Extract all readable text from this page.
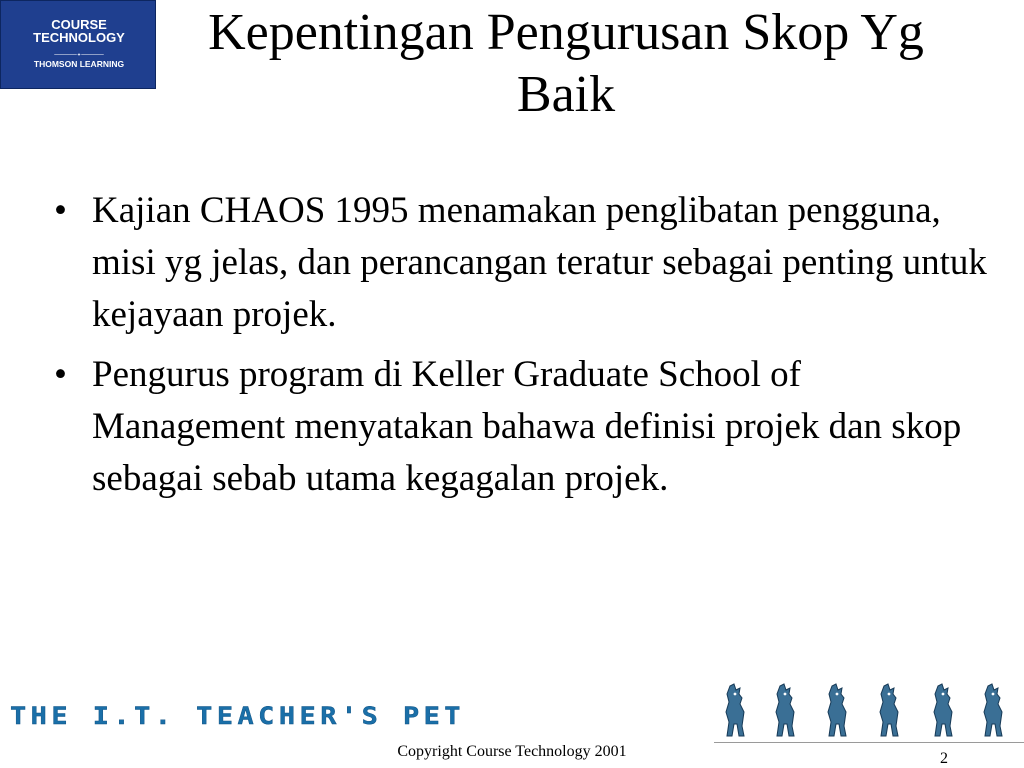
COURSE
TECHNOLOGY
THOMSON LEARNING
Kepentingan Pengurusan Skop Yg Baik
• Kajian CHAOS 1995 menamakan penglibatan pengguna, misi yg jelas, dan perancangan teratur sebagai penting untuk kejayaan projek.
• Pengurus program di Keller Graduate School of Management menyatakan bahawa definisi projek dan skop sebagai sebab utama kegagalan projek.
THE I.T. TEACHER'S PET
Copyright Course Technology 2001	2
